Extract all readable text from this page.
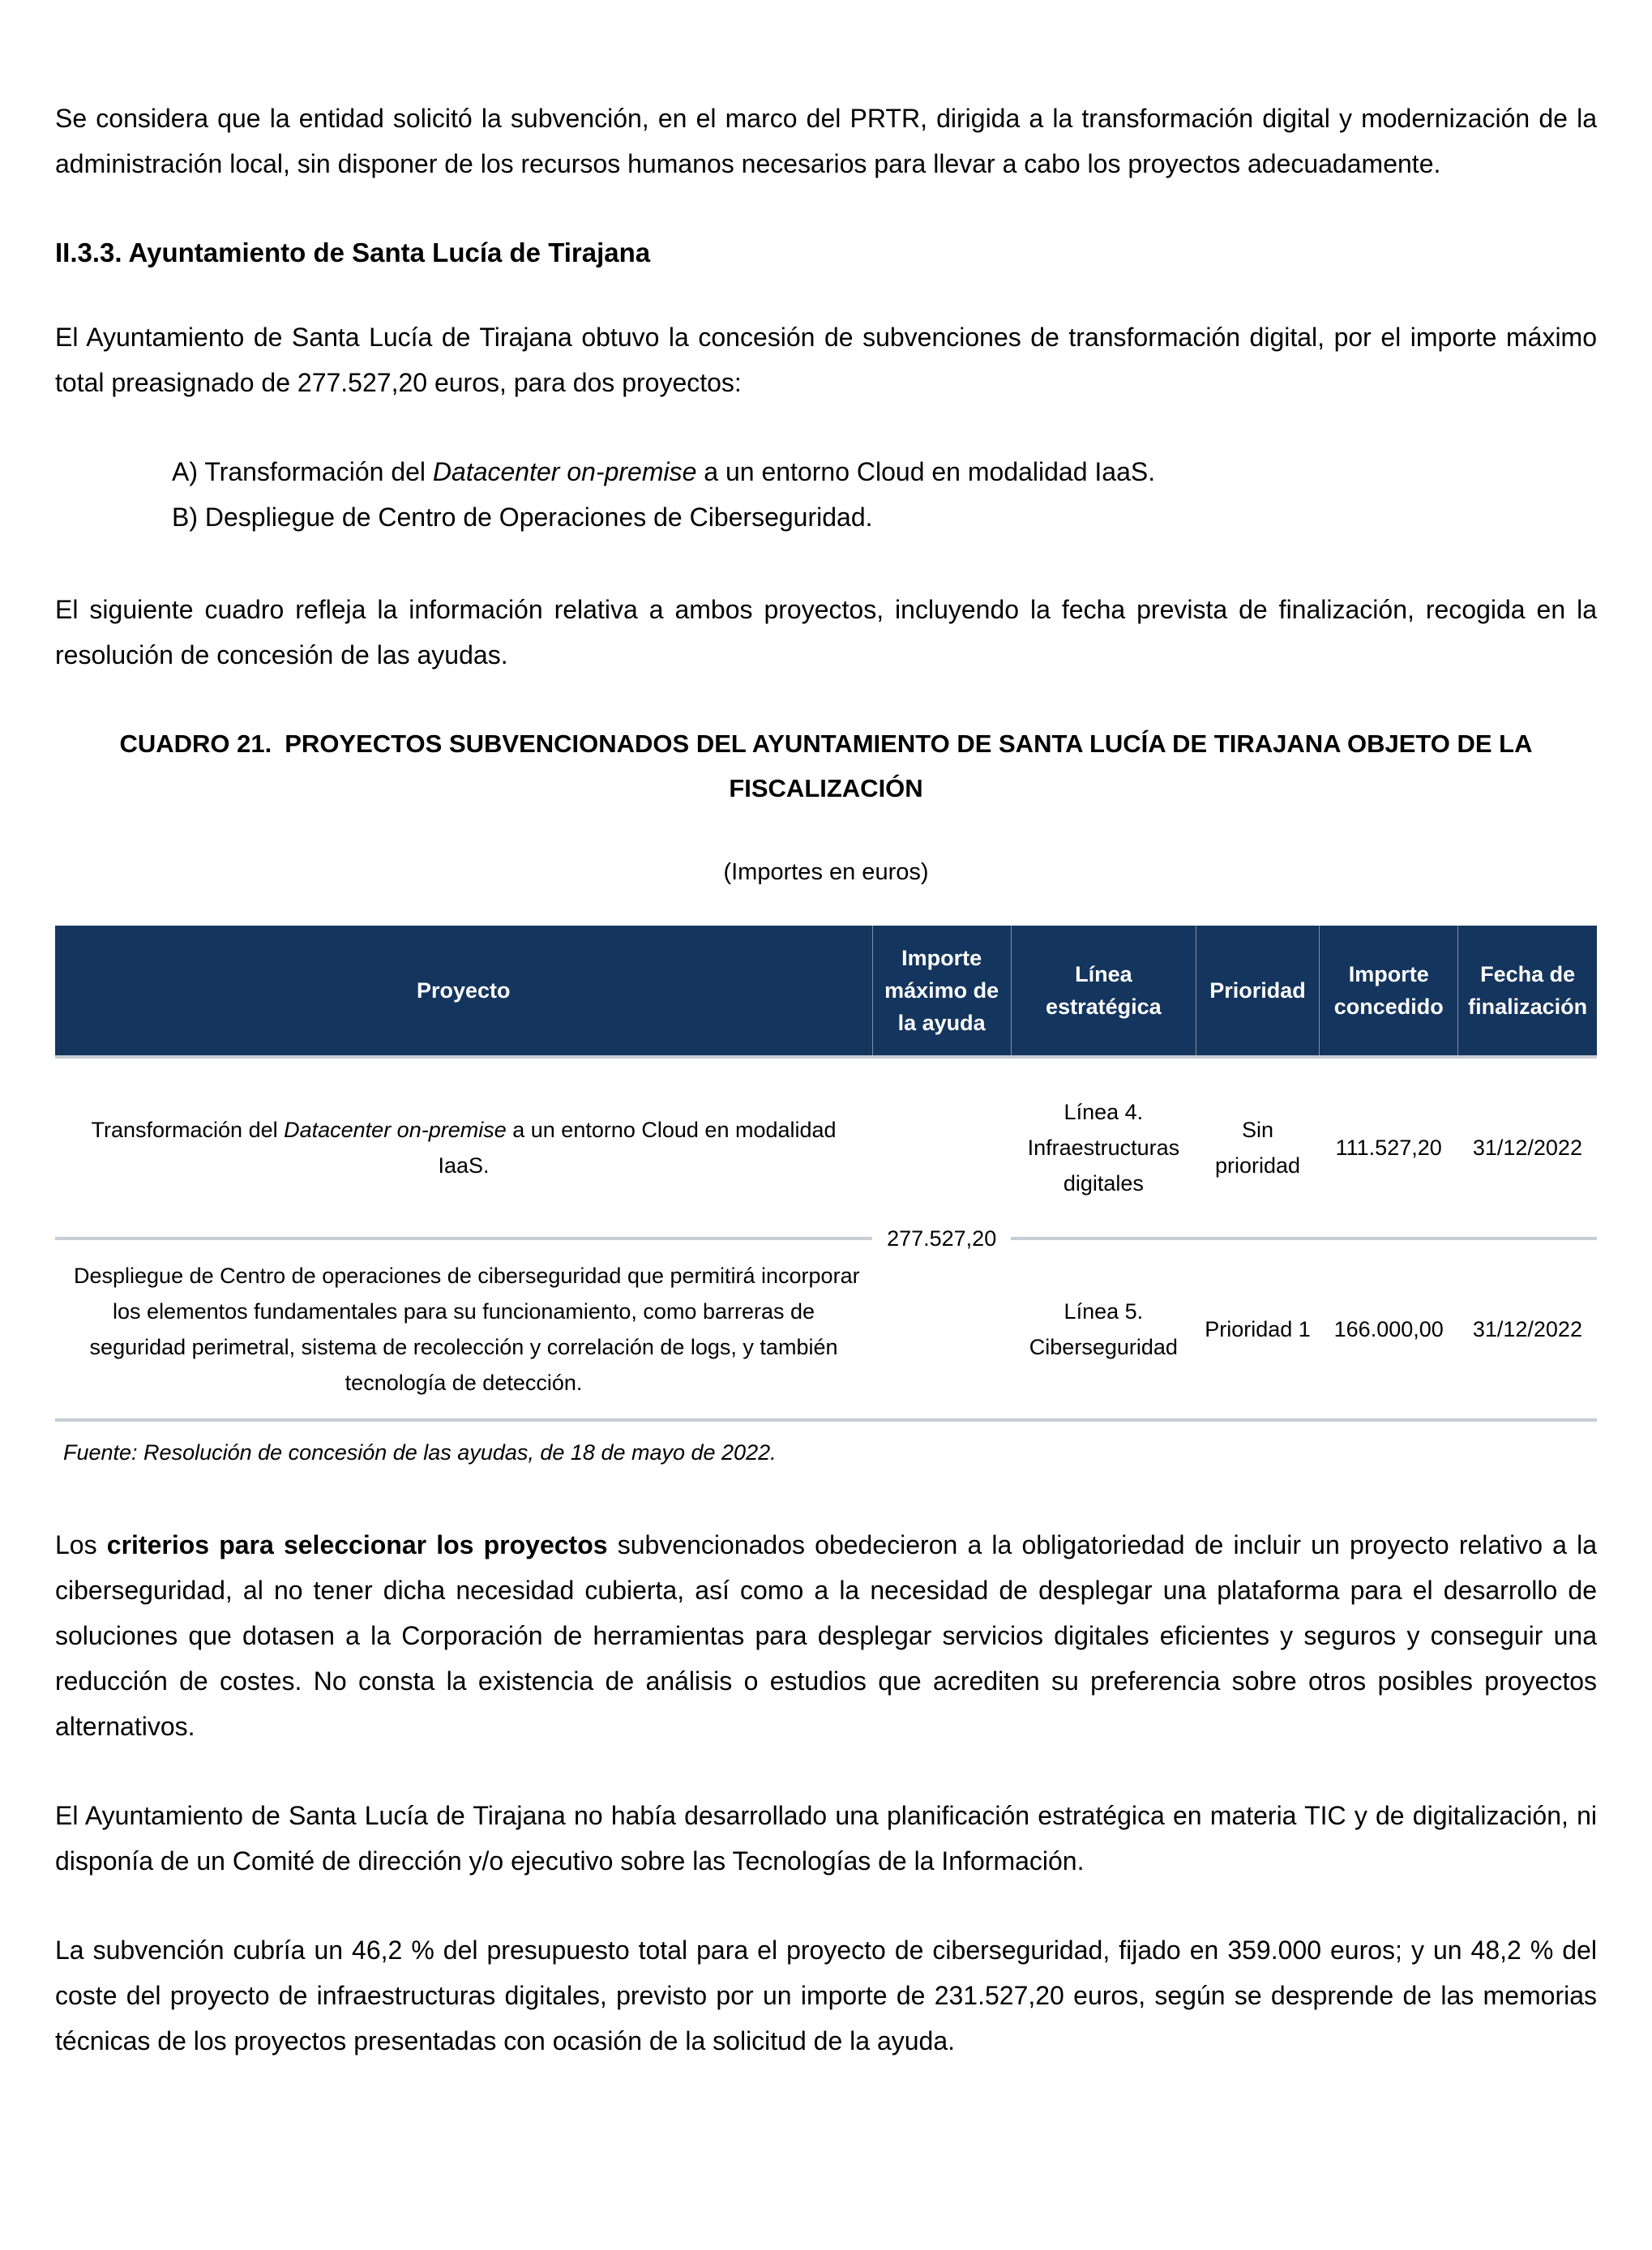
Se considera que la entidad solicitó la subvención, en el marco del PRTR, dirigida a la transformación digital y modernización de la administración local, sin disponer de los recursos humanos necesarios para llevar a cabo los proyectos adecuadamente.

II.3.3. Ayuntamiento de Santa Lucía de Tirajana

El Ayuntamiento de Santa Lucía de Tirajana obtuvo la concesión de subvenciones de transformación digital, por el importe máximo total preasignado de 277.527,20 euros, para dos proyectos:

A) Transformación del Datacenter on-premise a un entorno Cloud en modalidad IaaS.

B) Despliegue de Centro de Operaciones de Ciberseguridad.

El siguiente cuadro refleja la información relativa a ambos proyectos, incluyendo la fecha prevista de finalización, recogida en la resolución de concesión de las ayudas.

CUADRO 21. PROYECTOS SUBVENCIONADOS DEL AYUNTAMIENTO DE SANTA LUCÍA DE TIRAJANA OBJETO DE LA FISCALIZACIÓN

(Importes en euros)

Proyecto	Importe máximo de la ayuda	Línea estratégica	Prioridad	Importe concedido	Fecha de finalización
Transformación del Datacenter on-premise a un entorno Cloud en modalidad IaaS.	277.527,20	Línea 4. Infraestructuras digitales	Sin prioridad	111.527,20	31/12/2022
Despliegue de Centro de operaciones de ciberseguridad que permitirá incorporar los elementos fundamentales para su funcionamiento, como barreras de seguridad perimetral, sistema de recolección y correlación de logs, y también tecnología de detección.		Línea 5. Ciberseguridad	Prioridad 1	166.000,00	31/12/2022

Fuente: Resolución de concesión de las ayudas, de 18 de mayo de 2022.

Los criterios para seleccionar los proyectos subvencionados obedecieron a la obligatoriedad de incluir un proyecto relativo a la ciberseguridad, al no tener dicha necesidad cubierta, así como a la necesidad de desplegar una plataforma para el desarrollo de soluciones que dotasen a la Corporación de herramientas para desplegar servicios digitales eficientes y seguros y conseguir una reducción de costes. No consta la existencia de análisis o estudios que acrediten su preferencia sobre otros posibles proyectos alternativos.

El Ayuntamiento de Santa Lucía de Tirajana no había desarrollado una planificación estratégica en materia TIC y de digitalización, ni disponía de un Comité de dirección y/o ejecutivo sobre las Tecnologías de la Información.

La subvención cubría un 46,2 % del presupuesto total para el proyecto de ciberseguridad, fijado en 359.000 euros; y un 48,2 % del coste del proyecto de infraestructuras digitales, previsto por un importe de 231.527,20 euros, según se desprende de las memorias técnicas de los proyectos presentadas con ocasión de la solicitud de la ayuda.
